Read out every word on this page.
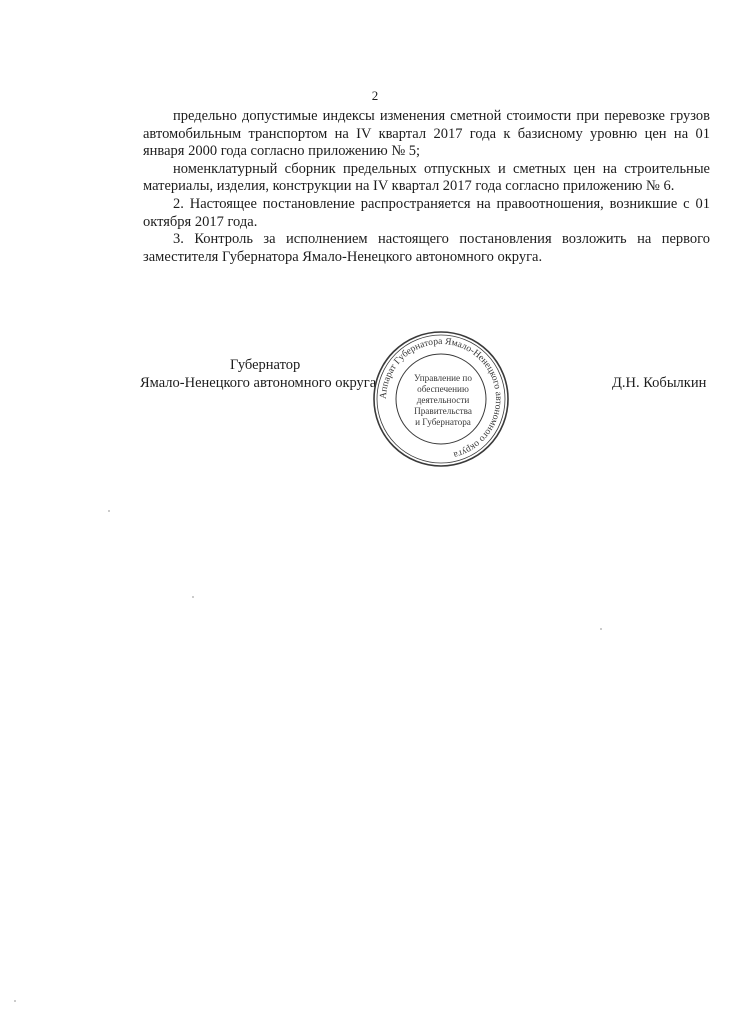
2

предельно допустимые индексы изменения сметной стоимости при перевозке грузов автомобильным транспортом на IV квартал 2017 года к базисному уровню цен на 01 января 2000 года согласно приложению № 5;

номенклатурный сборник предельных отпускных и сметных цен на строительные материалы, изделия, конструкции на IV квартал 2017 года согласно приложению № 6.

2. Настоящее постановление распространяется на правоотношения, возникшие с 01 октября 2017 года.

3. Контроль за исполнением настоящего постановления возложить на первого заместителя Губернатора Ямало-Ненецкого автономного округа.

Губернатор
Ямало-Ненецкого автономного округа	Д.Н. Кобылкин
Аппарат Губернатора Ямало-Ненецкого автономного округа
Управление по
обеспечению
деятельности
Правительства
и Губернатора
